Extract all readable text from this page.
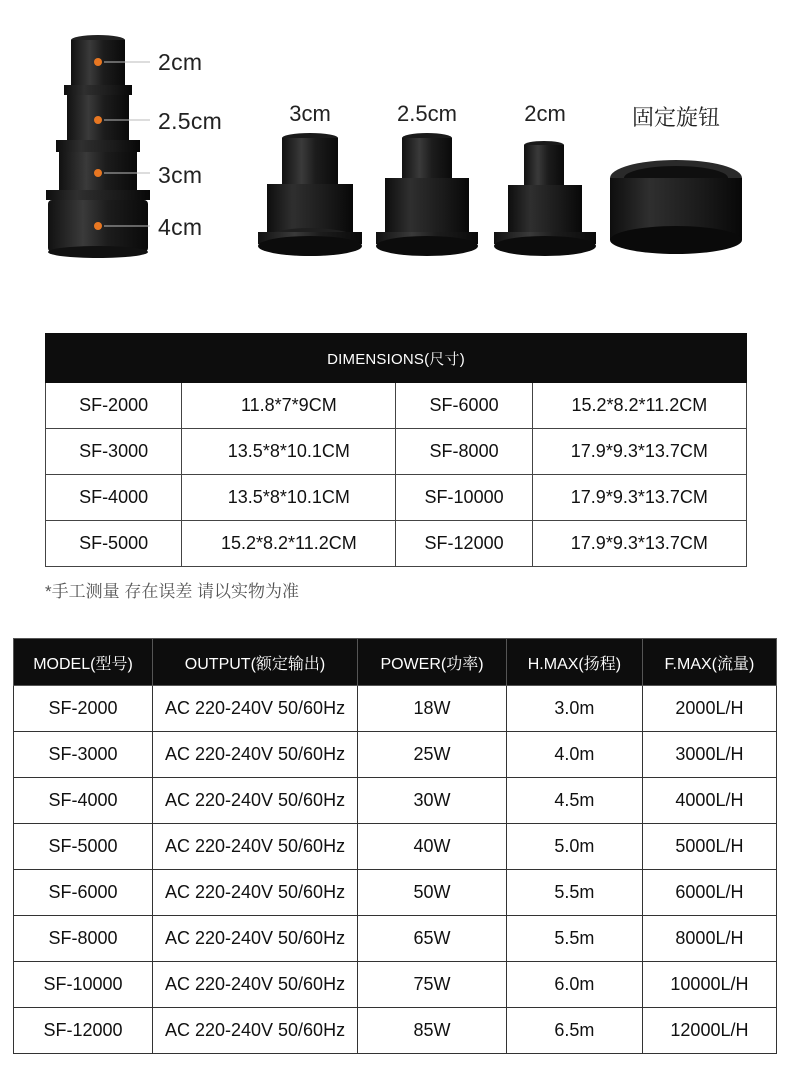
2cm
2.5cm
3cm
4cm
3cm	2.5cm	2cm	固定旋钮
DIMENSIONS(尺寸)			
SF-2000	11.8*7*9CM	SF-6000	15.2*8.2*11.2CM
SF-3000	13.5*8*10.1CM	SF-8000	17.9*9.3*13.7CM
SF-4000	13.5*8*10.1CM	SF-10000	17.9*9.3*13.7CM
SF-5000	15.2*8.2*11.2CM	SF-12000	17.9*9.3*13.7CM
*手工测量 存在误差 请以实物为准
MODEL(型号)	OUTPUT(额定输出)	POWER(功率)	H.MAX(扬程)	F.MAX(流量)
SF-2000	AC 220-240V 50/60Hz	18W	3.0m	2000L/H
SF-3000	AC 220-240V 50/60Hz	25W	4.0m	3000L/H
SF-4000	AC 220-240V 50/60Hz	30W	4.5m	4000L/H
SF-5000	AC 220-240V 50/60Hz	40W	5.0m	5000L/H
SF-6000	AC 220-240V 50/60Hz	50W	5.5m	6000L/H
SF-8000	AC 220-240V 50/60Hz	65W	5.5m	8000L/H
SF-10000	AC 220-240V 50/60Hz	75W	6.0m	10000L/H
SF-12000	AC 220-240V 50/60Hz	85W	6.5m	12000L/H
